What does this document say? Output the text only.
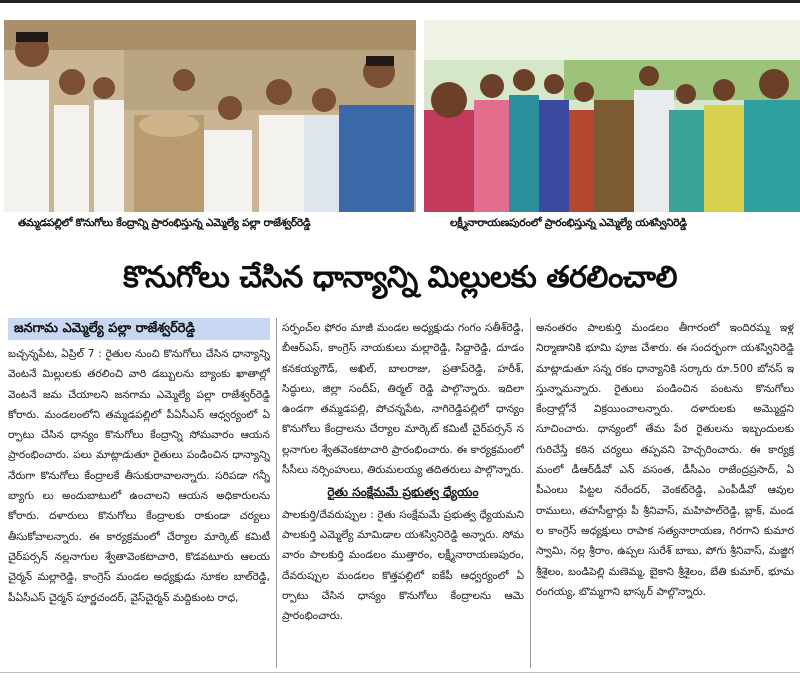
తమ్మడపల్లిలో కొనుగోలు కేంద్రాన్ని ప్రారంభిస్తున్న ఎమ్మెల్యే పల్లా రాజేశ్వర్‌రెడ్డి	లక్ష్మీనారాయణపురంలో ప్రారంభిస్తున్న ఎమ్మెల్యే యశస్వినిరెడ్డి
కొనుగోలు చేసిన ధాన్యాన్ని మిల్లులకు తరలించాలి
జనగామ ఎమ్మెల్యే పల్లా రాజేశ్వర్‌రెడ్డి

బచ్చన్నపేట, ఏప్రిల్ 7 : రైతుల నుంచి కొనుగోలు చేసిన ధాన్యాన్ని వెంటనే మిల్లులకు తరలించి వారి డబ్బులను బ్యాంకు ఖాతాల్లో వెంటనే జమ చేయాలని జనగామ ఎమ్మెల్యే పల్లా రాజేశ్వర్‌రెడ్డి కోరారు. మండలంలోని తమ్మడపల్లిలో పీఏసీఎస్ ఆధ్వర్యంలో ఏర్పాటు చేసిన ధాన్యం కొనుగోలు కేంద్రాన్ని సోమవారం ఆయన ప్రారంభించారు. పలు మాట్లాడుతూ రైతులు పండించిన ధాన్యాన్ని నేరుగా కొనుగోలు కేంద్రాలకే తీసుకురావాలన్నారు. సరిపడా గన్నీ బ్యాగు లు అందుబాటులో ఉంచాలని ఆయన అధికారులను కోరారు. దళారులు కొనుగోలు కేంద్రాలకు రాకుండా చర్యలు తీసుకోవాలన్నారు. ఈ కార్యక్రమంలో చేర్యాల మార్కెట్ కమిటీ చైర్‌పర్సన్ నల్లనాగుల శ్వేతావెంకటాచారి, కొడవటూరు ఆలయ చైర్మన్ మల్లారెడ్డి, కాంగ్రెస్ మండల అధ్యక్షుడు నూకల బాల్‌రెడ్డి, పీఏసీఎస్ చైర్మన్ పూర్ణచందర్, వైస్‌చైర్మన్ మద్దికుంట రాధ,

సర్పంచ్‌ల ఫోరం మాజీ మండల అధ్యక్షుడు గంగం సతీశ్‌రెడ్డి, బీఆర్ఎస్, కాంగ్రెస్ నాయకులు మల్లారెడ్డి, సిద్దారెడ్డి, దూడం కనకయ్యగౌడ్, అఖిల్, బాలరాజు, ప్రతాప్‌రెడ్డి, హరీశ్, సిద్ధులు, జిల్లా సందీప్, తిర్మల్ రెడ్డి పాల్గొన్నారు. ఇదిలా ఉండగా తమ్మడపల్లి, పోచన్నపేట, నాగిరెడ్డిపల్లిలో ధాన్యం కొనుగోలు కేంద్రాలను చేర్యాల మార్కెట్ కమిటీ చైర్‌పర్సన్ నల్లనాగుల శ్వేతవెంకటాచారి ప్రారంభించారు. ఈ కార్యక్రమంలో సీసీలు నర్సింహులు, తిరుమలయ్య తదితరులు పాల్గొన్నారు.

రైతు సంక్షేమమే ప్రభుత్వ ధ్యేయం

పాలకుర్తి/దేవరుప్పుల : రైతు సంక్షేమమే ప్రభుత్వ ధ్యేయమని పాలకుర్తి ఎమ్మెల్యే మామిడాల యశస్వినిరెడ్డి అన్నారు. సోమవారం పాలకుర్తి మండలం ముత్తారం, లక్ష్మీనారాయణపురం, దేవరుప్పుల మండలం కొత్తపల్లిలో ఐకేపీ ఆధ్వర్యంలో ఏర్పాటు చేసిన ధాన్యం కొనుగోలు కేంద్రాలను ఆమె ప్రారంభించారు.

అనంతరం పాలకుర్తి మండలం తీగారంలో ఇందిరమ్మ ఇళ్ల నిర్మాణానికి భూమి పూజ చేశారు. ఈ సందర్భంగా యశస్వినిరెడ్డి మాట్లాడుతూ సన్న రకం ధాన్యానికి సర్కారు రూ.500 బోనస్ ఇస్తున్నామన్నారు. రైతులు పండించిన పంటను కొనుగోలు కేంద్రాల్లోనే విక్రయించాలన్నారు. దళారులకు అమ్మొద్దని సూచించారు. ధాన్యంలో తేమ పేర రైతులను ఇబ్బందులకు గురిచేస్తే కఠిన చర్యలు తప్పవని హెచ్చరించారు. ఈ కార్యక్రమంలో డీఆర్‌డీవో ఎన్ వసంత, డీసీఎం రాజేంద్రప్రసాద్, ఏపీఎంలు పిట్టల నరేందర్, వెంకట్‌రెడ్డి, ఎంపీడీవో ఆవుల రాములు, తహసీల్దార్లు పీ శ్రీనివాస్, మహిపాల్‌రెడ్డి, బ్లాక్, మండల కాంగ్రెస్ అధ్యక్షులు రాపాక సత్యనారాయణ, గిరగాని కుమారస్వామి, నల్ల శ్రీరాం, ఉప్పల సురేశ్ బాబు, పోగు శ్రీనివాస్, మజ్జిగ శ్రీశైలం, బండిపెల్లి మణెమ్మ, బైకాని శ్రీశైలం, బేతి కుమార్, భూమ రంగయ్య, బొమ్మగాని భాస్కర్ పాల్గొన్నారు.
